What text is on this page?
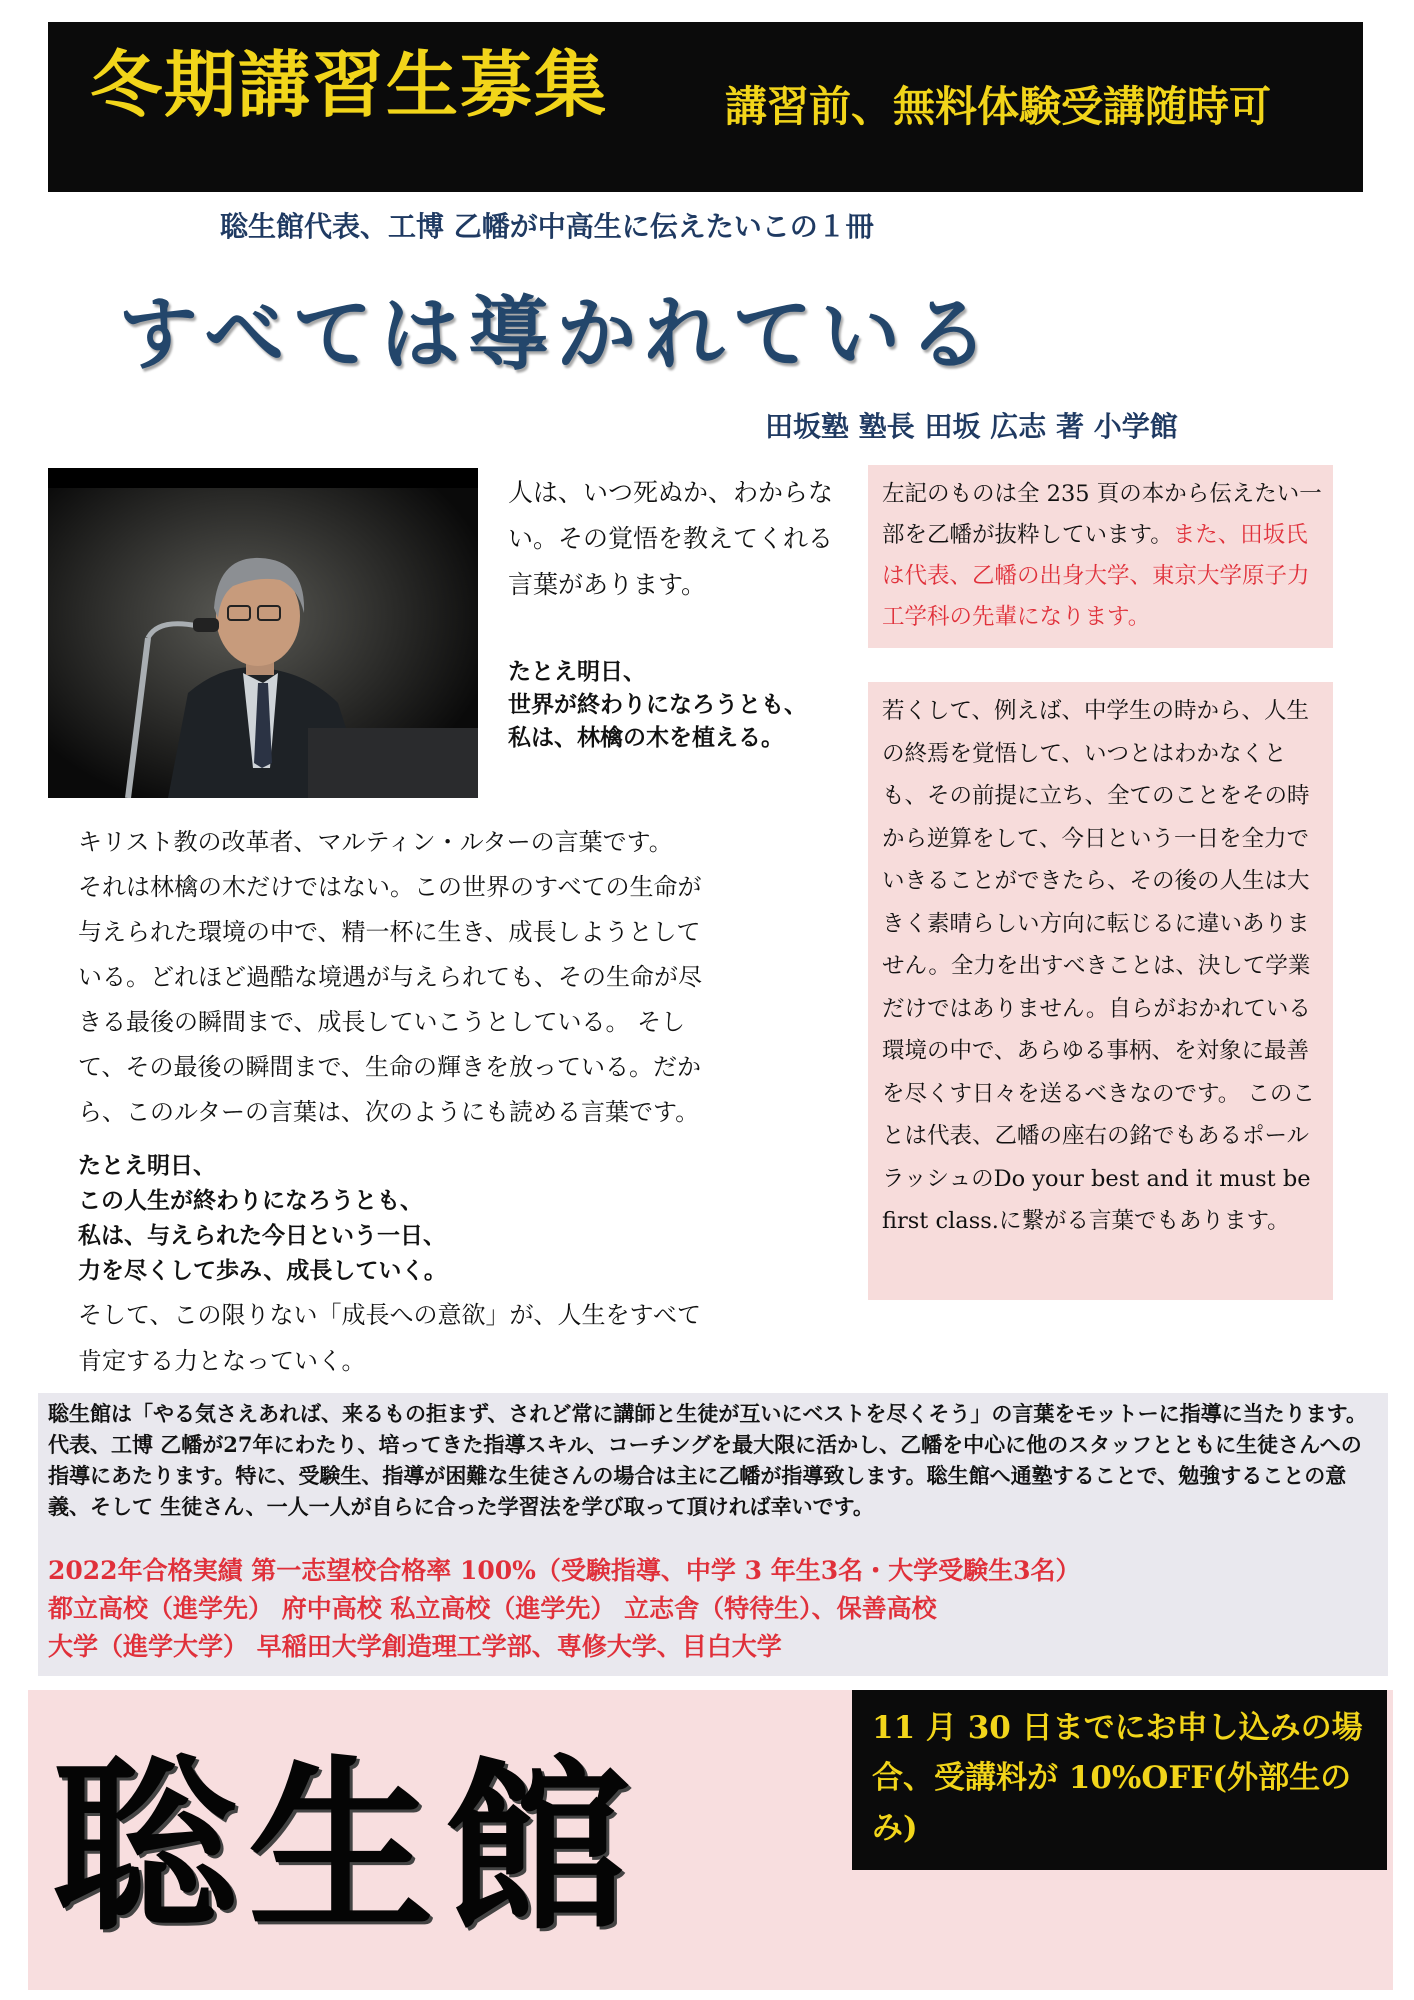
冬期講習生募集	講習前、無料体験受講随時可
聡生館代表、工博 乙幡が中高生に伝えたいこの１冊
すべては導かれている
田坂塾 塾長 田坂 広志 著 小学館
人は、いつ死ぬか、わからない。その覚悟を教えてくれる言葉があります。
たとえ明日、
世界が終わりになろうとも、
私は、林檎の木を植える。

キリスト教の改革者、マルティン・ルターの言葉です。

それは林檎の木だけではない。この世界のすべての生命が

与えられた環境の中で、精一杯に生き、成長しようとして

いる。どれほど過酷な境遇が与えられても、その生命が尽

きる最後の瞬間まで、成長していこうとしている。 そし

て、その最後の瞬間まで、生命の輝きを放っている。だか

ら、このルターの言葉は、次のようにも読める言葉です。

たとえ明日、
この人生が終わりになろうとも、
私は、与えられた今日という一日、
力を尽くして歩み、成長していく。
そして、この限りない「成長への意欲」が、人生をすべて
肯定する力となっていく。
左記のものは全 235 頁の本から伝えたい一部を乙幡が抜粋しています。また、田坂氏は代表、乙幡の出身大学、東京大学原子力工学科の先輩になります。
若くして、例えば、中学生の時から、人生の終焉を覚悟して、いつとはわかなくとも、その前提に立ち、全てのことをその時から逆算をして、今日という一日を全力でいきることができたら、その後の人生は大きく素晴らしい方向に転じるに違いありません。全力を出すべきことは、決して学業だけではありません。自らがおかれている環境の中で、あらゆる事柄、を対象に最善を尽くす日々を送るべきなのです。 このことは代表、乙幡の座右の銘でもあるポールラッシュのDo your best and it must be first class.に繋がる言葉でもあります。
聡生館は「やる気さえあれば、来るもの拒まず、されど常に講師と生徒が互いにベストを尽くそう」の言葉をモットーに指導に当たります。代表、工博 乙幡が27年にわたり、培ってきた指導スキル、コーチングを最大限に活かし、乙幡を中心に他のスタッフとともに生徒さんへの指導にあたります。特に、受験生、指導が困難な生徒さんの場合は主に乙幡が指導致します。聡生館へ通塾することで、勉強することの意義、そして 生徒さん、一人一人が自らに合った学習法を学び取って頂ければ幸いです。
2022年合格実績 第一志望校合格率 100%（受験指導、中学 3 年生3名・大学受験生3名）
都立高校（進学先） 府中高校 私立高校（進学先） 立志舎（特待生）、保善高校
大学（進学大学） 早稲田大学創造理工学部、専修大学、目白大学
聡生館
11 月 30 日までにお申し込みの場合、受講料が 10%OFF(外部生のみ)
